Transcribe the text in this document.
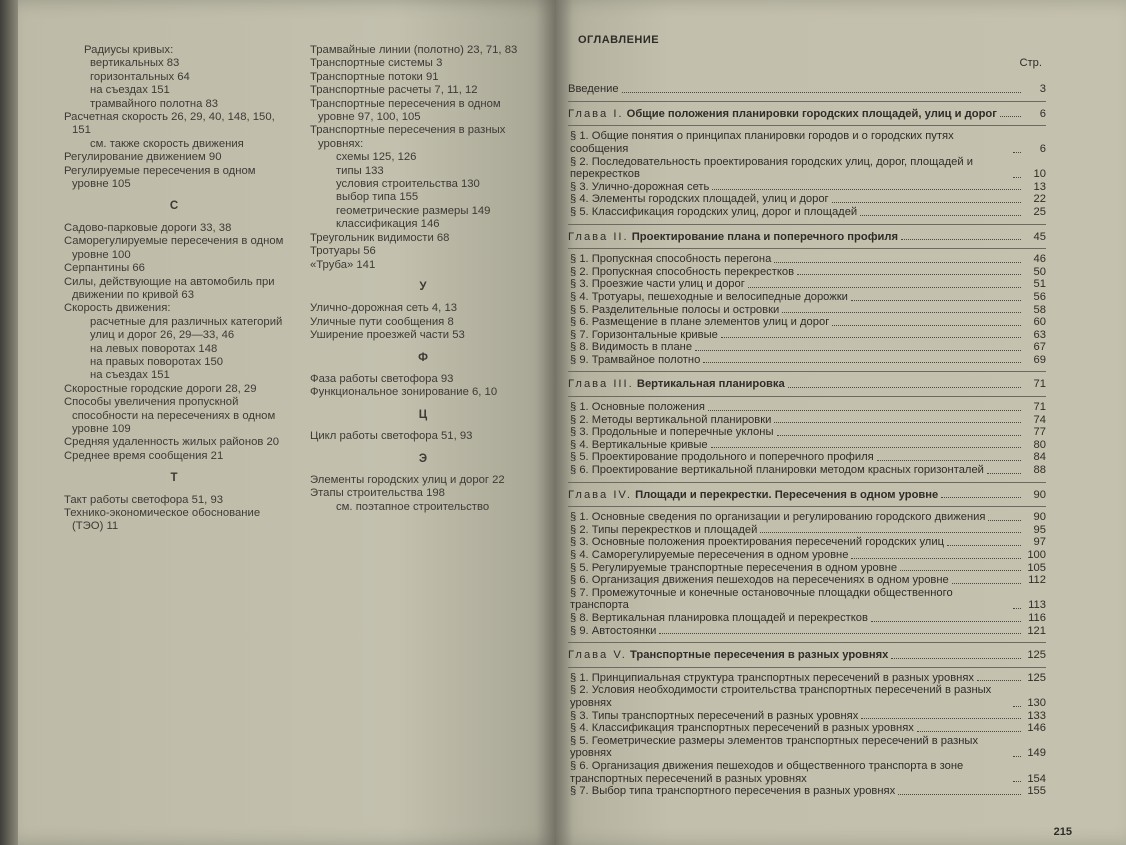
Радиусы кривых:
вертикальных 83
горизонтальных 64
на съездах 151
трамвайного полотна 83
Расчетная скорость 26, 29, 40, 148, 150, 151
см. также скорость движения
Регулирование движением 90
Регулируемые пересечения в одном уровне 105
С
Садово-парковые дороги 33, 38
Саморегулируемые пересечения в одном уровне 100
Серпантины 66
Силы, действующие на автомобиль при движении по кривой 63
Скорость движения:
расчетные для различных категорий улиц и дорог 26, 29—33, 46
на левых поворотах 148
на правых поворотах 150
на съездах 151
Скоростные городские дороги 28, 29
Способы увеличения пропускной способности на пересечениях в одном уровне 109
Средняя удаленность жилых районов 20
Среднее время сообщения 21
Т
Такт работы светофора 51, 93
Технико-экономическое обоснование (ТЭО) 11
Трамвайные линии (полотно) 23, 71, 83
Транспортные системы 3
Транспортные потоки 91
Транспортные расчеты 7, 11, 12
Транспортные пересечения в одном уровне 97, 100, 105
Транспортные пересечения в разных уровнях:
схемы 125, 126
типы 133
условия строительства 130
выбор типа 155
геометрические размеры 149
классификация 146
Треугольник видимости 68
Тротуары 56
«Труба» 141
У
Улично-дорожная сеть 4, 13
Уличные пути сообщения 8
Уширение проезжей части 53
Ф
Фаза работы светофора 93
Функциональное зонирование 6, 10
Ц
Цикл работы светофора 51, 93
Э
Элементы городских улиц и дорог 22
Этапы строительства 198
см. поэтапное строительство
ОГЛАВЛЕНИЕ
Стр.
Введение	3
Глава I. Общие положения планировки городских площадей, улиц и дорог	6
§ 1. Общие понятия о принципах планировки городов и о городских путях сообщения	6
§ 2. Последовательность проектирования городских улиц, дорог, площадей и перекрестков	10
§ 3. Улично-дорожная сеть	13
§ 4. Элементы городских площадей, улиц и дорог	22
§ 5. Классификация городских улиц, дорог и площадей	25
Глава II. Проектирование плана и поперечного профиля	45
§ 1. Пропускная способность перегона	46
§ 2. Пропускная способность перекрестков	50
§ 3. Проезжие части улиц и дорог	51
§ 4. Тротуары, пешеходные и велосипедные дорожки	56
§ 5. Разделительные полосы и островки	58
§ 6. Размещение в плане элементов улиц и дорог	60
§ 7. Горизонтальные кривые	63
§ 8. Видимость в плане	67
§ 9. Трамвайное полотно	69
Глава III. Вертикальная планировка	71
§ 1. Основные положения	71
§ 2. Методы вертикальной планировки	74
§ 3. Продольные и поперечные уклоны	77
§ 4. Вертикальные кривые	80
§ 5. Проектирование продольного и поперечного профиля	84
§ 6. Проектирование вертикальной планировки методом красных горизонталей	88
Глава IV. Площади и перекрестки. Пересечения в одном уровне	90
§ 1. Основные сведения по организации и регулированию городского движения	90
§ 2. Типы перекрестков и площадей	95
§ 3. Основные положения проектирования пересечений городских улиц	97
§ 4. Саморегулируемые пересечения в одном уровне	100
§ 5. Регулируемые транспортные пересечения в одном уровне	105
§ 6. Организация движения пешеходов на пересечениях в одном уровне	112
§ 7. Промежуточные и конечные остановочные площадки общественного транспорта	113
§ 8. Вертикальная планировка площадей и перекрестков	116
§ 9. Автостоянки	121
Глава V. Транспортные пересечения в разных уровнях	125
§ 1. Принципиальная структура транспортных пересечений в разных уровнях	125
§ 2. Условия необходимости строительства транспортных пересечений в разных уровнях	130
§ 3. Типы транспортных пересечений в разных уровнях	133
§ 4. Классификация транспортных пересечений в разных уровнях	146
§ 5. Геометрические размеры элементов транспортных пересечений в разных уровнях	149
§ 6. Организация движения пешеходов и общественного транспорта в зоне транспортных пересечений в разных уровнях	154
§ 7. Выбор типа транспортного пересечения в разных уровнях	155
215
